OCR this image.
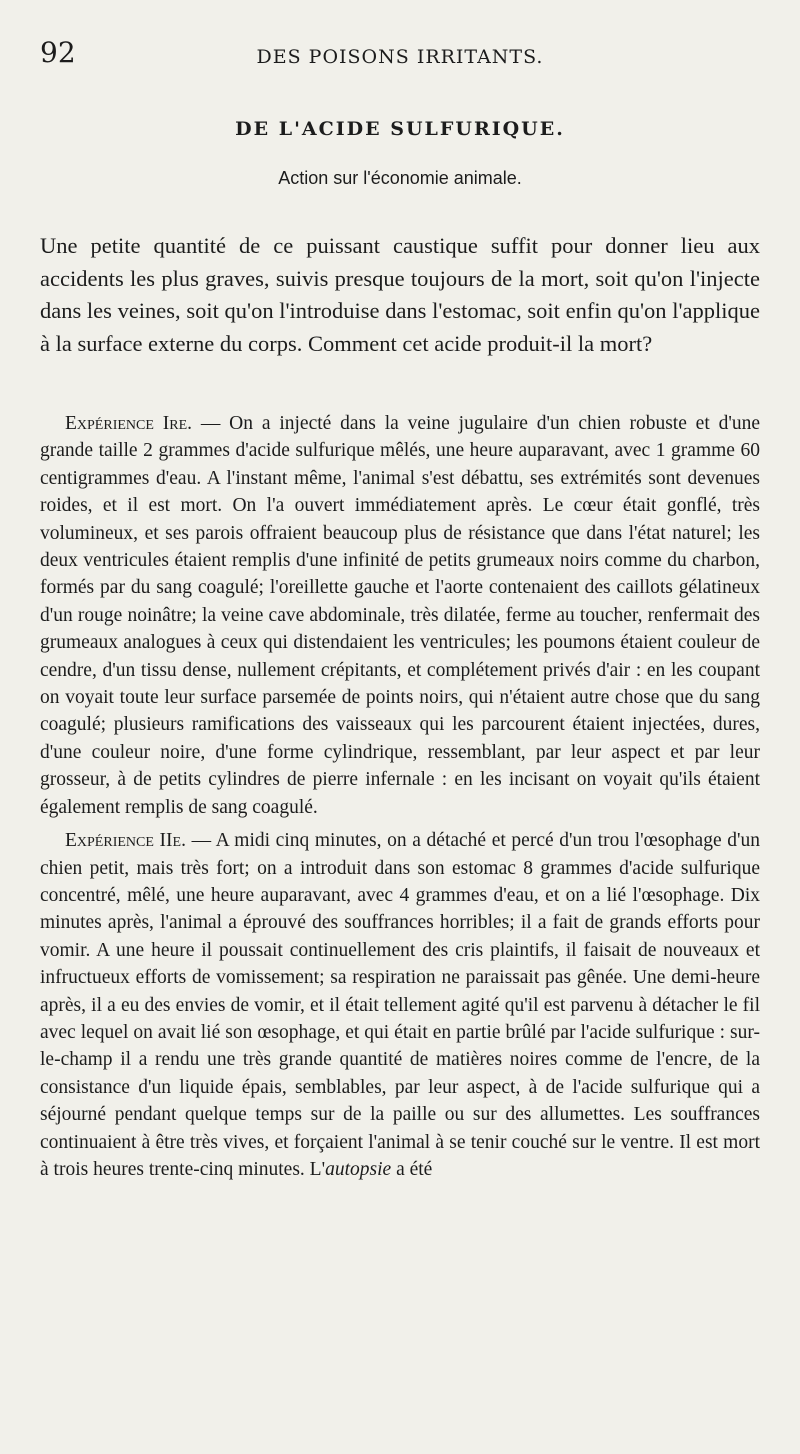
92	DES POISONS IRRITANTS.
DE L'ACIDE SULFURIQUE.
Action sur l'économie animale.

Une petite quantité de ce puissant caustique suffit pour donner lieu aux accidents les plus graves, suivis presque toujours de la mort, soit qu'on l'injecte dans les veines, soit qu'on l'introduise dans l'estomac, soit enfin qu'on l'applique à la surface externe du corps. Comment cet acide produit-il la mort?

Expérience Ire. — On a injecté dans la veine jugulaire d'un chien robuste et d'une grande taille 2 grammes d'acide sulfurique mêlés, une heure auparavant, avec 1 gramme 60 centigrammes d'eau. A l'instant même, l'animal s'est débattu, ses extrémités sont devenues roides, et il est mort. On l'a ouvert immédiatement après. Le cœur était gonflé, très volumineux, et ses parois offraient beaucoup plus de résistance que dans l'état naturel; les deux ventricules étaient remplis d'une infinité de petits grumeaux noirs comme du charbon, formés par du sang coagulé; l'oreillette gauche et l'aorte contenaient des caillots gélatineux d'un rouge noinâtre; la veine cave abdominale, très dilatée, ferme au toucher, renfermait des grumeaux analogues à ceux qui distendaient les ventricules; les poumons étaient couleur de cendre, d'un tissu dense, nullement crépitants, et complétement privés d'air : en les coupant on voyait toute leur surface parsemée de points noirs, qui n'étaient autre chose que du sang coagulé; plusieurs ramifications des vaisseaux qui les parcourent étaient injectées, dures, d'une couleur noire, d'une forme cylindrique, ressemblant, par leur aspect et par leur grosseur, à de petits cylindres de pierre infernale : en les incisant on voyait qu'ils étaient également remplis de sang coagulé.

Expérience IIe. — A midi cinq minutes, on a détaché et percé d'un trou l'œsophage d'un chien petit, mais très fort; on a introduit dans son estomac 8 grammes d'acide sulfurique concentré, mêlé, une heure auparavant, avec 4 grammes d'eau, et on a lié l'œsophage. Dix minutes après, l'animal a éprouvé des souffrances horribles; il a fait de grands efforts pour vomir. A une heure il poussait continuellement des cris plaintifs, il faisait de nouveaux et infructueux efforts de vomissement; sa respiration ne paraissait pas gênée. Une demi-heure après, il a eu des envies de vomir, et il était tellement agité qu'il est parvenu à détacher le fil avec lequel on avait lié son œsophage, et qui était en partie brûlé par l'acide sulfurique : sur-le-champ il a rendu une très grande quantité de matières noires comme de l'encre, de la consistance d'un liquide épais, semblables, par leur aspect, à de l'acide sulfurique qui a séjourné pendant quelque temps sur de la paille ou sur des allumettes. Les souffrances continuaient à être très vives, et forçaient l'animal à se tenir couché sur le ventre. Il est mort à trois heures trente-cinq minutes. L'autopsie a été
